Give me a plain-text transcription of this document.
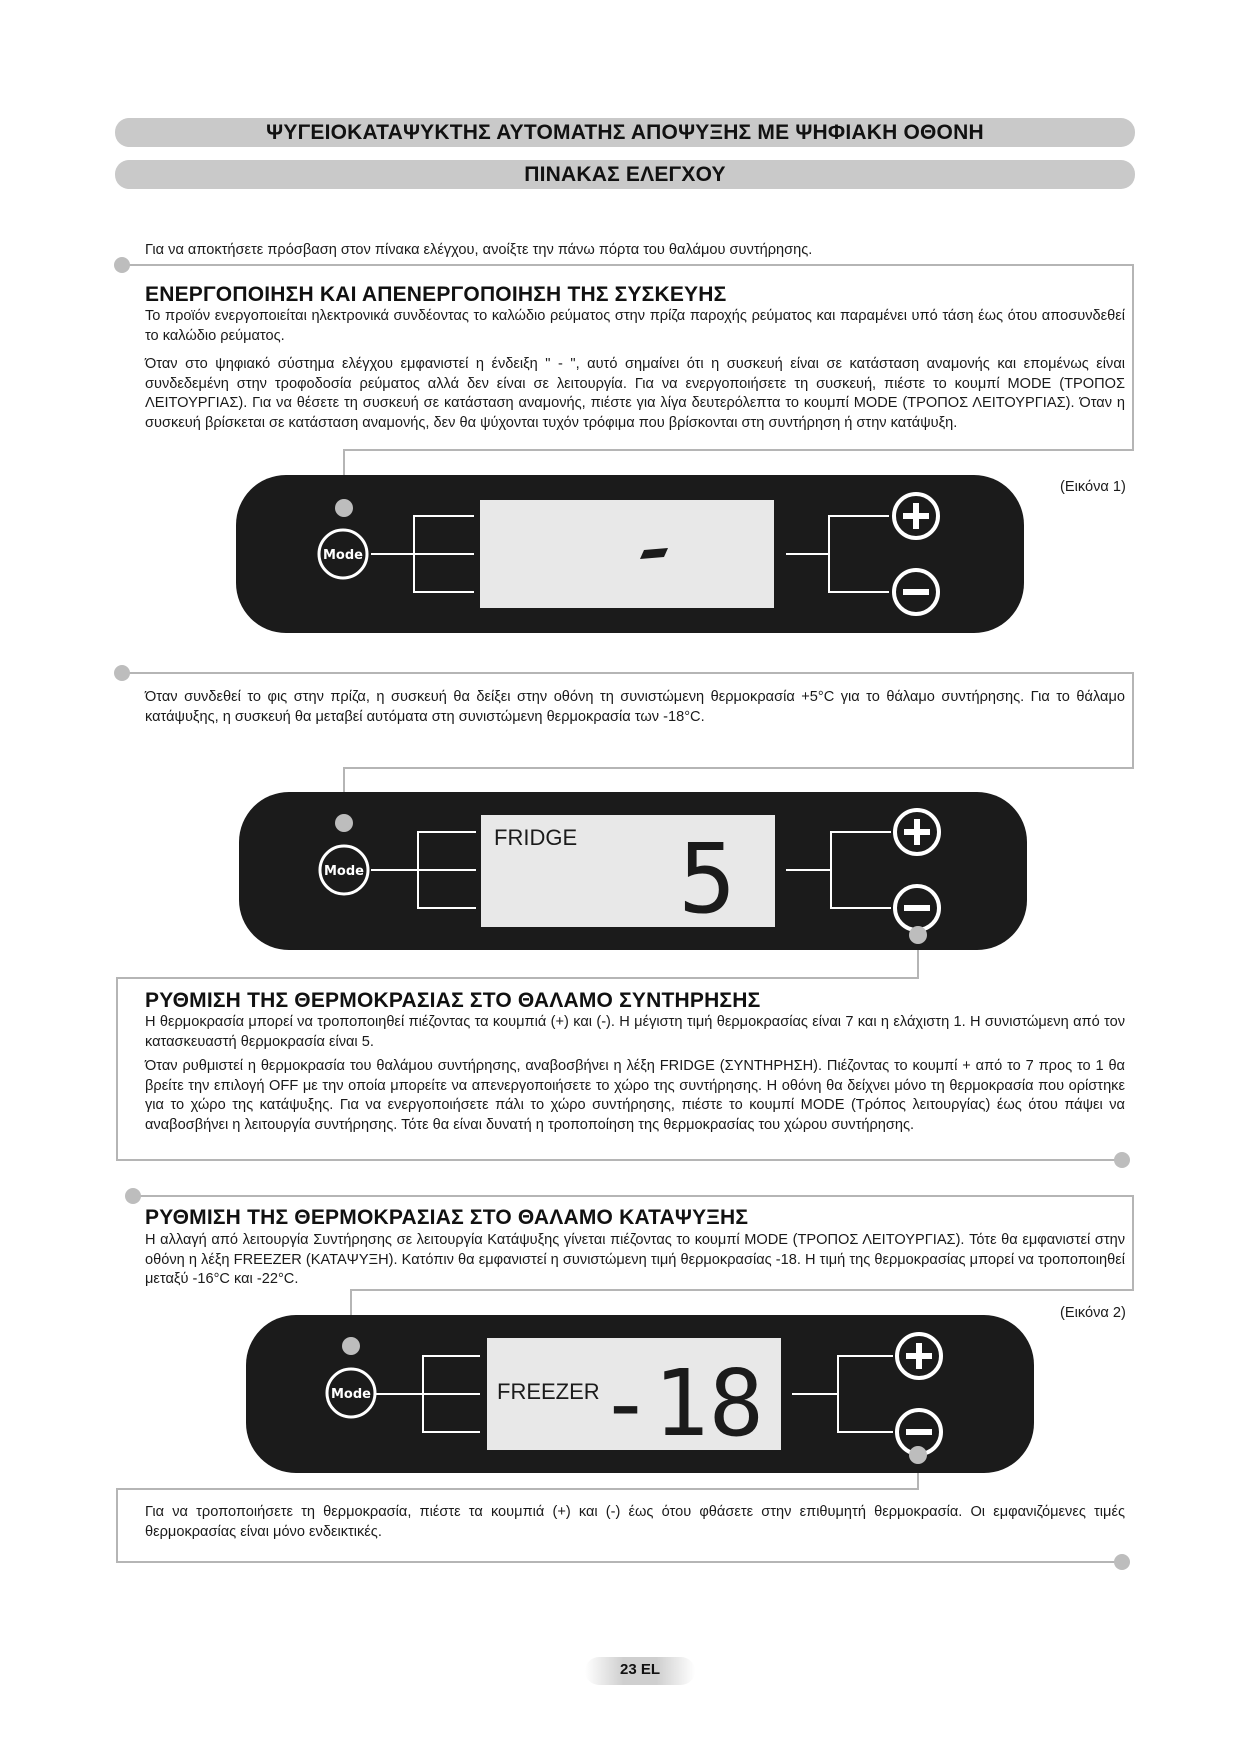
ΨΥΓΕΙΟΚΑΤΑΨΥΚΤΗΣ ΑΥΤΟΜΑΤΗΣ ΑΠΟΨΥΞΗΣ ΜΕ ΨΗΦΙΑΚΗ ΟΘΟΝΗ
ΠΙΝΑΚΑΣ ΕΛΕΓΧΟΥ
Για να αποκτήσετε πρόσβαση στον πίνακα ελέγχου, ανοίξτε την πάνω πόρτα του θαλάμου συντήρησης.
ΕΝΕΡΓΟΠΟΙΗΣΗ ΚΑΙ ΑΠΕΝΕΡΓΟΠΟΙΗΣΗ ΤΗΣ ΣΥΣΚΕΥΗΣ
Το προϊόν ενεργοποιείται ηλεκτρονικά συνδέοντας το καλώδιο ρεύματος στην πρίζα παροχής ρεύματος και παραμένει υπό τάση έως ότου αποσυνδεθεί το καλώδιο ρεύματος.
Όταν στο ψηφιακό σύστημα ελέγχου εμφανιστεί η ένδειξη " - ", αυτό σημαίνει ότι η συσκευή είναι σε κατάσταση αναμονής και επομένως είναι συνδεδεμένη στην τροφοδοσία ρεύματος αλλά δεν είναι σε λειτουργία. Για να ενεργοποιήσετε τη συσκευή, πιέστε το κουμπί MODE (ΤΡΟΠΟΣ ΛΕΙΤΟΥΡΓΙΑΣ). Για να θέσετε τη συσκευή σε κατάσταση αναμονής, πιέστε για λίγα δευτερόλεπτα το κουμπί MODE (ΤΡΟΠΟΣ ΛΕΙΤΟΥΡΓΙΑΣ). Όταν η συσκευή βρίσκεται σε κατάσταση αναμονής, δεν θα ψύχονται τυχόν τρόφιμα που βρίσκονται στη συντήρηση ή στην κατάψυξη.
(Εικόνα 1)
Mode
Όταν συνδεθεί το φις στην πρίζα, η συσκευή θα δείξει στην οθόνη τη συνιστώμενη θερμοκρασία +5°C για το θάλαμο συντήρησης. Για το θάλαμο κατάψυξης, η συσκευή θα μεταβεί αυτόματα στη συνιστώμενη θερμοκρασία των -18°C.
Mode
FRIDGE 5
ΡΥΘΜΙΣΗ ΤΗΣ ΘΕΡΜΟΚΡΑΣΙΑΣ ΣΤΟ ΘΑΛΑΜΟ ΣΥΝΤΗΡΗΣΗΣ
Η θερμοκρασία μπορεί να τροποποιηθεί πιέζοντας τα κουμπιά (+) και (-). Η μέγιστη τιμή θερμοκρασίας είναι 7 και η ελάχιστη 1. Η συνιστώμενη από τον κατασκευαστή θερμοκρασία είναι 5.
Όταν ρυθμιστεί η θερμοκρασία του θαλάμου συντήρησης, αναβοσβήνει η λέξη FRIDGE (ΣΥΝΤΗΡΗΣΗ). Πιέζοντας το κουμπί + από το 7 προς το 1 θα βρείτε την επιλογή OFF με την οποία μπορείτε να απενεργοποιήσετε το χώρο της συντήρησης. Η οθόνη θα δείχνει μόνο τη θερμοκρασία που ορίστηκε για το χώρο της κατάψυξης. Για να ενεργοποιήσετε πάλι το χώρο συντήρησης, πιέστε το κουμπί MODE (Τρόπος λειτουργίας) έως ότου πάψει να αναβοσβήνει η λειτουργία συντήρησης. Τότε θα είναι δυνατή η τροποποίηση της θερμοκρασίας του χώρου συντήρησης.
ΡΥΘΜΙΣΗ ΤΗΣ ΘΕΡΜΟΚΡΑΣΙΑΣ ΣΤΟ ΘΑΛΑΜΟ ΚΑΤΑΨΥΞΗΣ
Η αλλαγή από λειτουργία Συντήρησης σε λειτουργία Κατάψυξης γίνεται πιέζοντας το κουμπί MODE (ΤΡΟΠΟΣ ΛΕΙΤΟΥΡΓΙΑΣ). Τότε θα εμφανιστεί στην οθόνη η λέξη FREEZER (ΚΑΤΑΨΥΞΗ). Κατόπιν θα εμφανιστεί η συνιστώμενη τιμή θερμοκρασίας -18. Η τιμή της θερμοκρασίας μπορεί να τροποποιηθεί μεταξύ -16°C και -22°C.
(Εικόνα 2)
Mode	FREEZER
-18
Για να τροποποιήσετε τη θερμοκρασία, πιέστε τα κουμπιά (+) και (-) έως ότου φθάσετε στην επιθυμητή θερμοκρασία. Οι εμφανιζόμενες τιμές θερμοκρασίας είναι μόνο ενδεικτικές.
23 EL
